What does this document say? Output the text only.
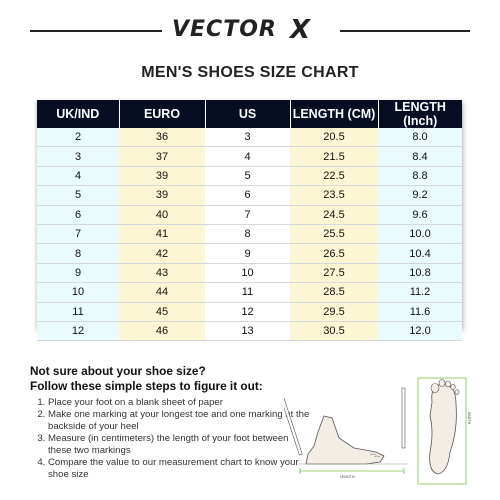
VECTOR X
MEN'S SHOES SIZE CHART
UK/IND	EURO	US	LENGTH (CM)	LENGTH (Inch)
2	36	3	20.5	8.0
3	37	4	21.5	8.4
4	39	5	22.5	8.8
5	39	6	23.5	9.2
6	40	7	24.5	9.6
7	41	8	25.5	10.0
8	42	9	26.5	10.4
9	43	10	27.5	10.8
10	44	11	28.5	11.2
11	45	12	29.5	11.6
12	46	13	30.5	12.0

Not sure about your shoe size?

Follow these simple steps to figure it out:

1. Place your foot on a blank sheet of paper
2. Make one marking at your longest toe and one marking at the backside of your heel
3. Measure (in centimeters) the length of your foot between these two markings
4. Compare the value to our measurement chart to know your shoe size	LENGTH
WIDTH
